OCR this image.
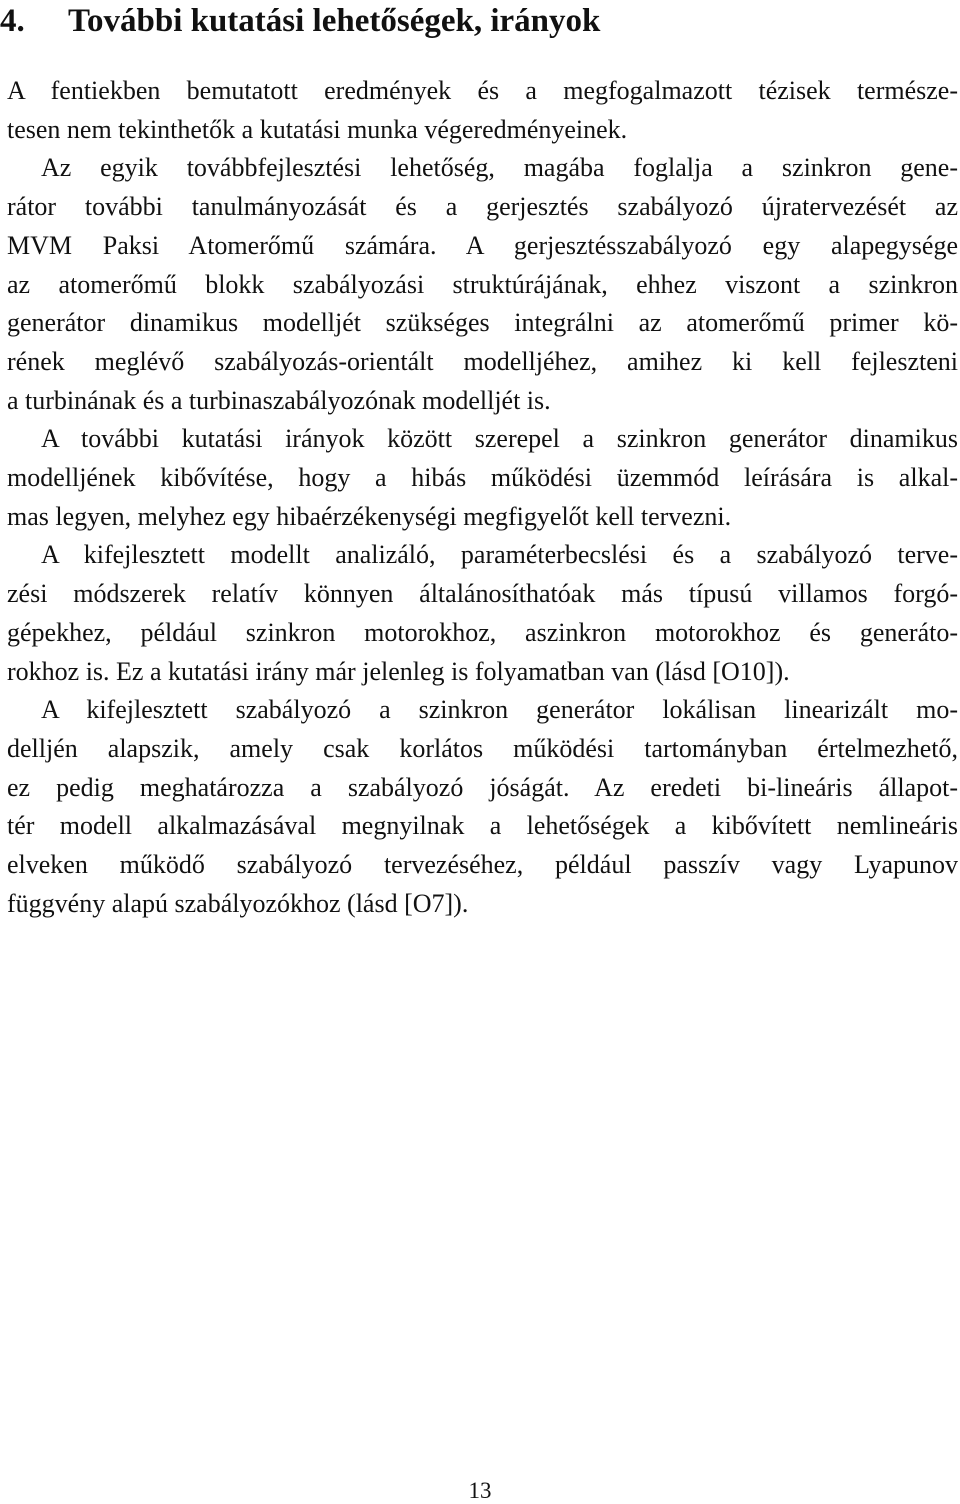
4. További kutatási lehetőségek, irányok
A fentiekben bemutatott eredmények és a megfogalmazott tézisek természe-
tesen nem tekinthetők a kutatási munka végeredményeinek.
Az egyik továbbfejlesztési lehetőség, magába foglalja a szinkron gene-
rátor további tanulmányozását és a gerjesztés szabályozó újratervezését az
MVM Paksi Atomerőmű számára. A gerjesztésszabályozó egy alapegysége
az atomerőmű blokk szabályozási struktúrájának, ehhez viszont a szinkron
generátor dinamikus modelljét szükséges integrálni az atomerőmű primer kö-
rének meglévő szabályozás-orientált modelljéhez, amihez ki kell fejleszteni
a turbinának és a turbinaszabályozónak modelljét is.
A további kutatási irányok között szerepel a szinkron generátor dinamikus
modelljének kibővítése, hogy a hibás működési üzemmód leírására is alkal-
mas legyen, melyhez egy hibaérzékenységi megfigyelőt kell tervezni.
A kifejlesztett modellt analizáló, paraméterbecslési és a szabályozó terve-
zési módszerek relatív könnyen általánosíthatóak más típusú villamos forgó-
gépekhez, például szinkron motorokhoz, aszinkron motorokhoz és generáto-
rokhoz is. Ez a kutatási irány már jelenleg is folyamatban van (lásd [O10]).
A kifejlesztett szabályozó a szinkron generátor lokálisan linearizált mo-
delljén alapszik, amely csak korlátos működési tartományban értelmezhető,
ez pedig meghatározza a szabályozó jóságát. Az eredeti bi-lineáris állapot-
tér modell alkalmazásával megnyilnak a lehetőségek a kibővített nemlineáris
elveken működő szabályozó tervezéséhez, például passzív vagy Lyapunov
függvény alapú szabályozókhoz (lásd [O7]).
13
